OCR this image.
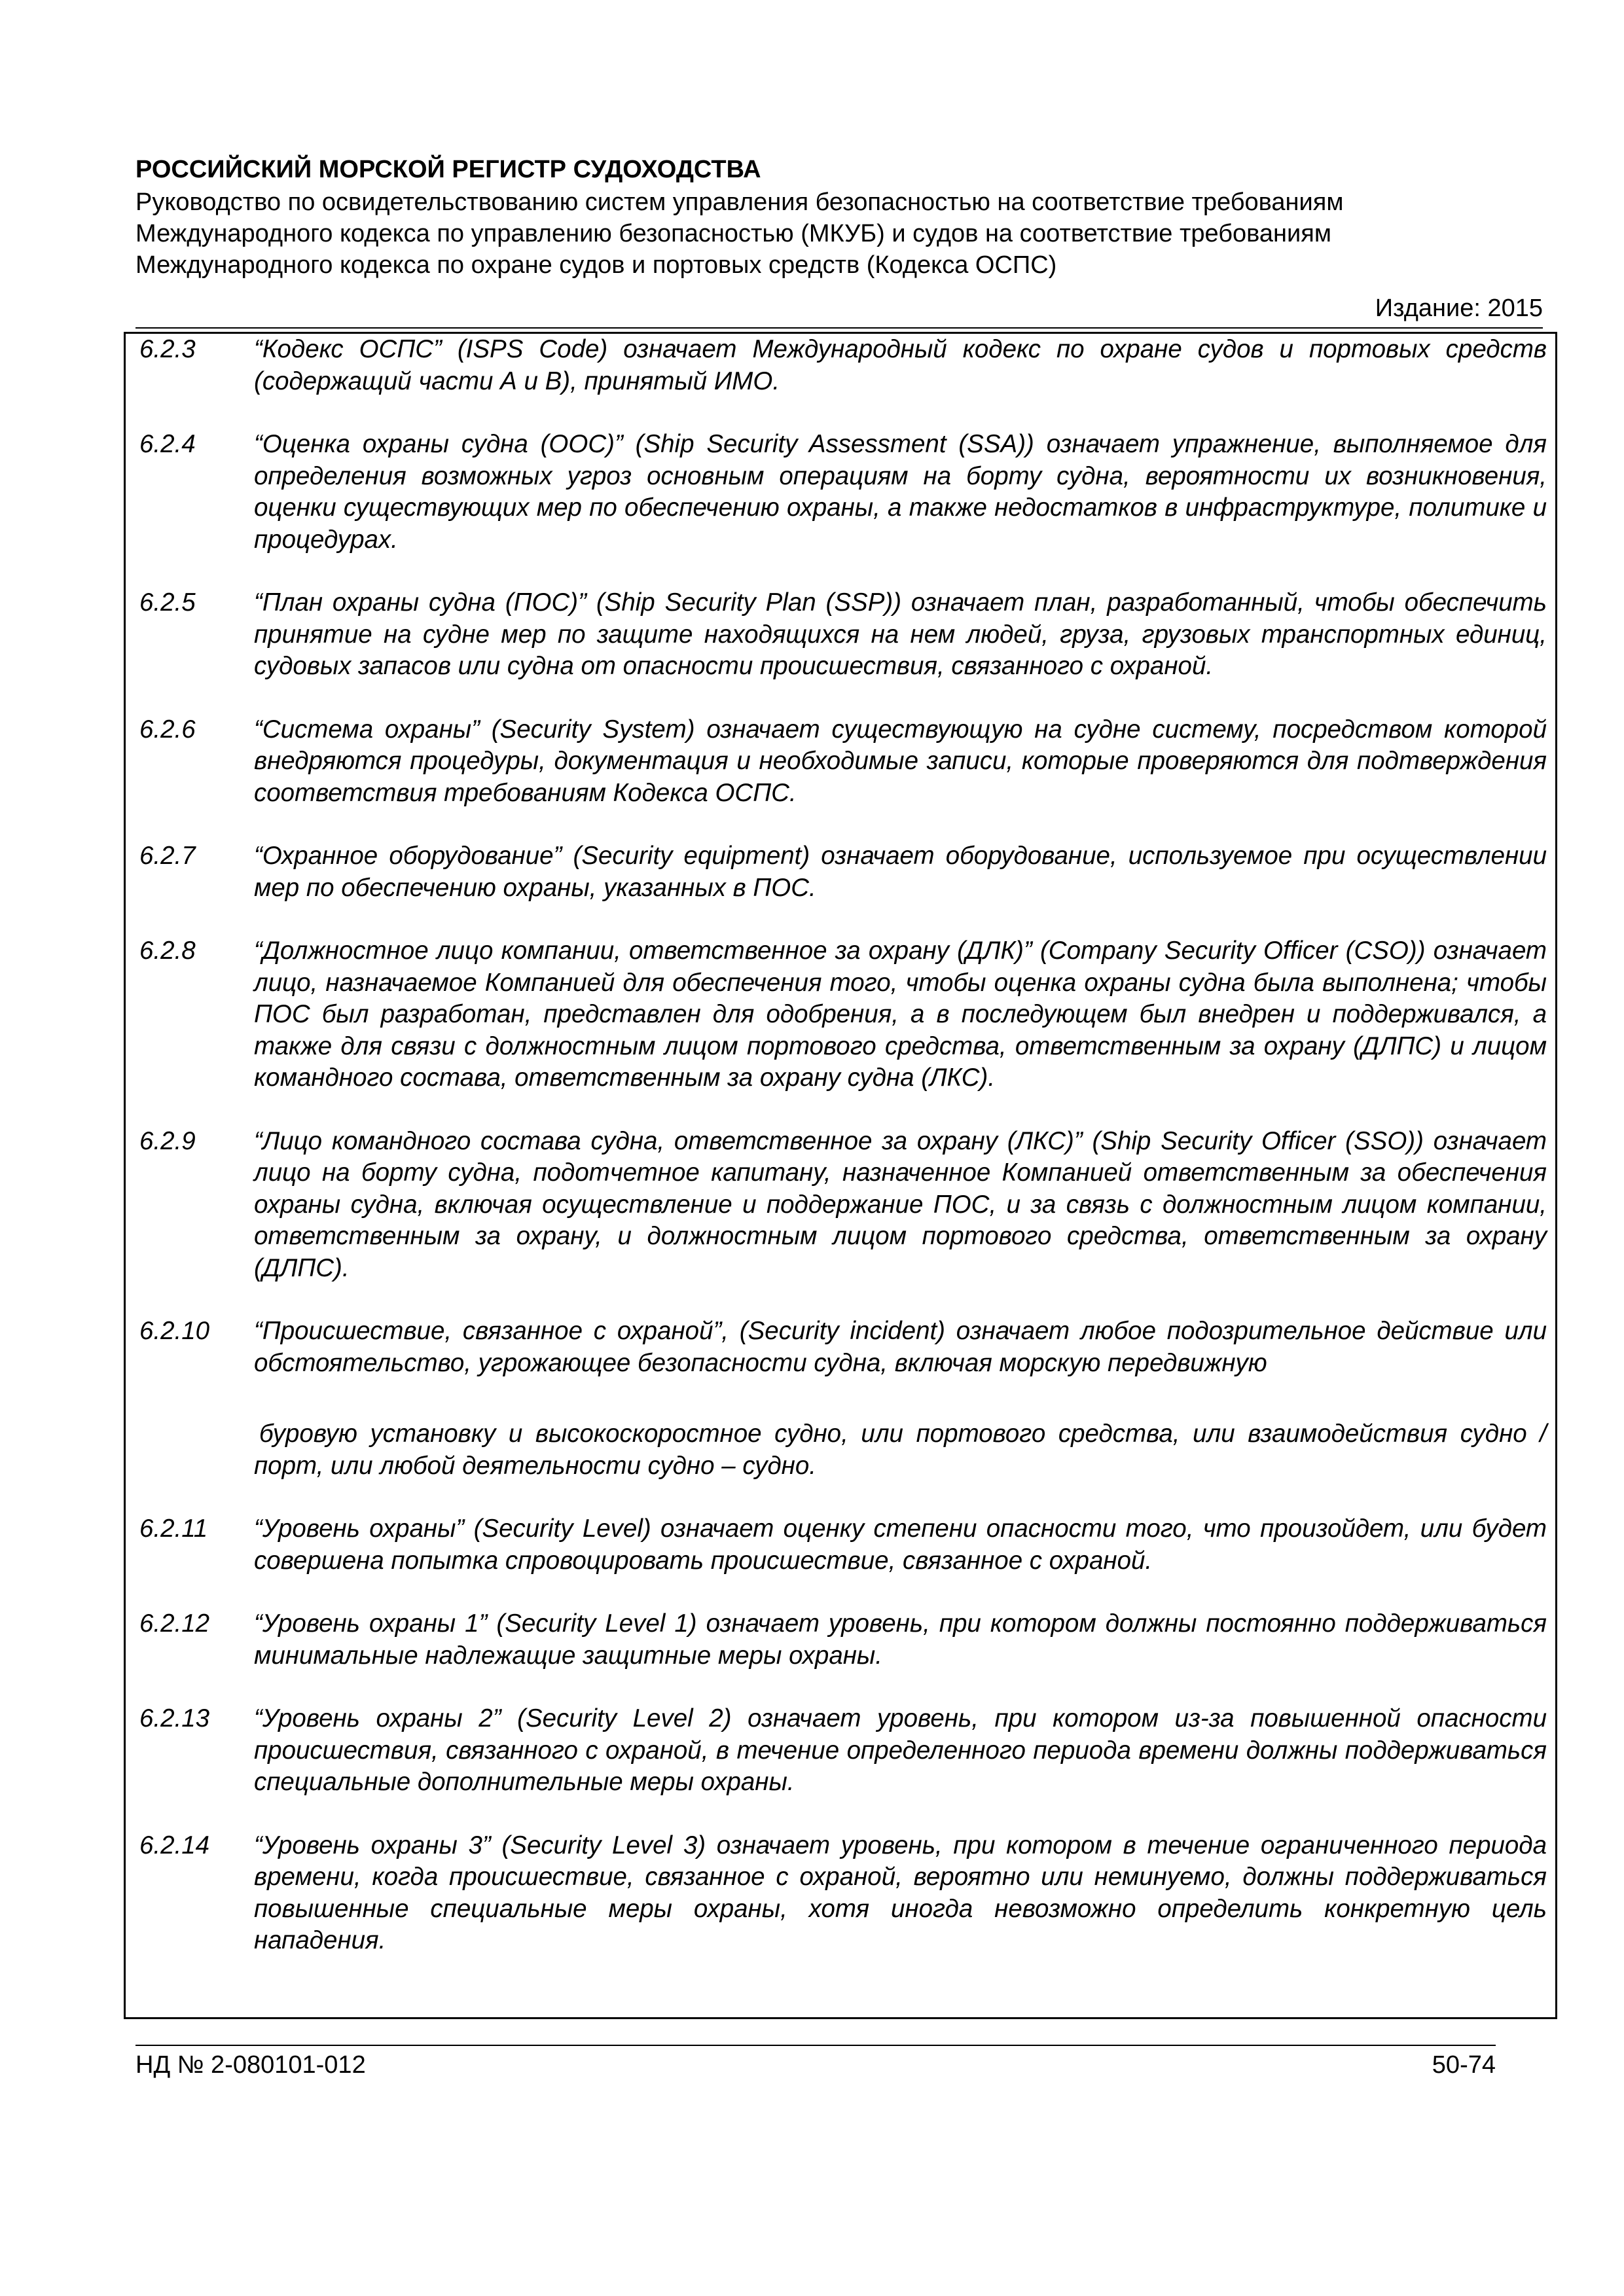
РОССИЙСКИЙ МОРСКОЙ РЕГИСТР СУДОХОДСТВА

Руководство по освидетельствованию систем управления безопасностью на соответствие требованиям

Международного кодекса по управлению безопасностью (МКУБ) и судов на соответствие требованиям

Международного кодекса по охране судов и портовых средств (Кодекса ОСПС)

Издание: 2015
6.2.3	“Кодекс ОСПС” (ISPS Code) означает Международный кодекс по охране судов и портовых средств (содержащий части А и В), принятый ИМО.
6.2.4	“Оценка охраны судна (ООС)” (Ship Security Assessment (SSA)) означает упражнение, выполняемое для определения возможных угроз основным операциям на борту судна, вероятности их возникновения, оценки существующих мер по обеспечению охраны, а также недостатков в инфраструктуре, политике и процедурах.
6.2.5	“План охраны судна (ПОС)” (Ship Security Plan (SSP)) означает план, разработанный, чтобы обеспечить принятие на судне мер по защите находящихся на нем людей, груза, грузовых транспортных единиц, судовых запасов или судна от опасности происшествия, связанного с охраной.
6.2.6	“Система охраны” (Security System) означает существующую на судне систему, посредством которой внедряются процедуры, документация и необходимые записи, которые проверяются для подтверждения соответствия требованиям Кодекса ОСПС.
6.2.7	“Охранное оборудование” (Security equipment) означает оборудование, используемое при осуществлении мер по обеспечению охраны, указанных в ПОС.
6.2.8	“Должностное лицо компании, ответственное за охрану (ДЛК)” (Company Security Officer (CSO)) означает лицо, назначаемое Компанией для обеспечения того, чтобы оценка охраны судна была выполнена; чтобы ПОС был разработан, представлен для одобрения, а в последующем был внедрен и поддерживался, а также для связи с должностным лицом портового средства, ответственным за охрану (ДЛПС) и лицом командного состава, ответственным за охрану судна (ЛКС).
6.2.9	“Лицо командного состава судна, ответственное за охрану (ЛКС)” (Ship Security Officer (SSO)) означает лицо на борту судна, подотчетное капитану, назначенное Компанией ответственным за обеспечения охраны судна, включая осуществление и поддержание ПОС, и за связь с должностным лицом компании, ответственным за охрану, и должностным лицом портового средства, ответственным за охрану (ДЛПС).
6.2.10	“Происшествие, связанное с охраной”, (Security incident) означает любое подозрительное действие или обстоятельство, угрожающее безопасности судна, включая морскую передвижную
буровую установку и высокоскоростное судно, или портового средства, или взаимодействия судно / порт, или любой деятельности судно – судно.
6.2.11	“Уровень охраны” (Security Level) означает оценку степени опасности того, что произойдет, или будет совершена попытка спровоцировать происшествие, связанное с охраной.
6.2.12	“Уровень охраны 1” (Security Level 1) означает уровень, при котором должны постоянно поддерживаться минимальные надлежащие защитные меры охраны.
6.2.13	“Уровень охраны 2” (Security Level 2) означает уровень, при котором из-за повышенной опасности происшествия, связанного с охраной, в течение определенного периода времени должны поддерживаться специальные дополнительные меры охраны.
6.2.14	“Уровень охраны 3” (Security Level 3) означает уровень, при котором в течение ограниченного периода времени, когда происшествие, связанное с охраной, вероятно или неминуемо, должны поддерживаться повышенные специальные меры охраны, хотя иногда невозможно определить конкретную цель нападения.
НД № 2-080101-012	50-74
